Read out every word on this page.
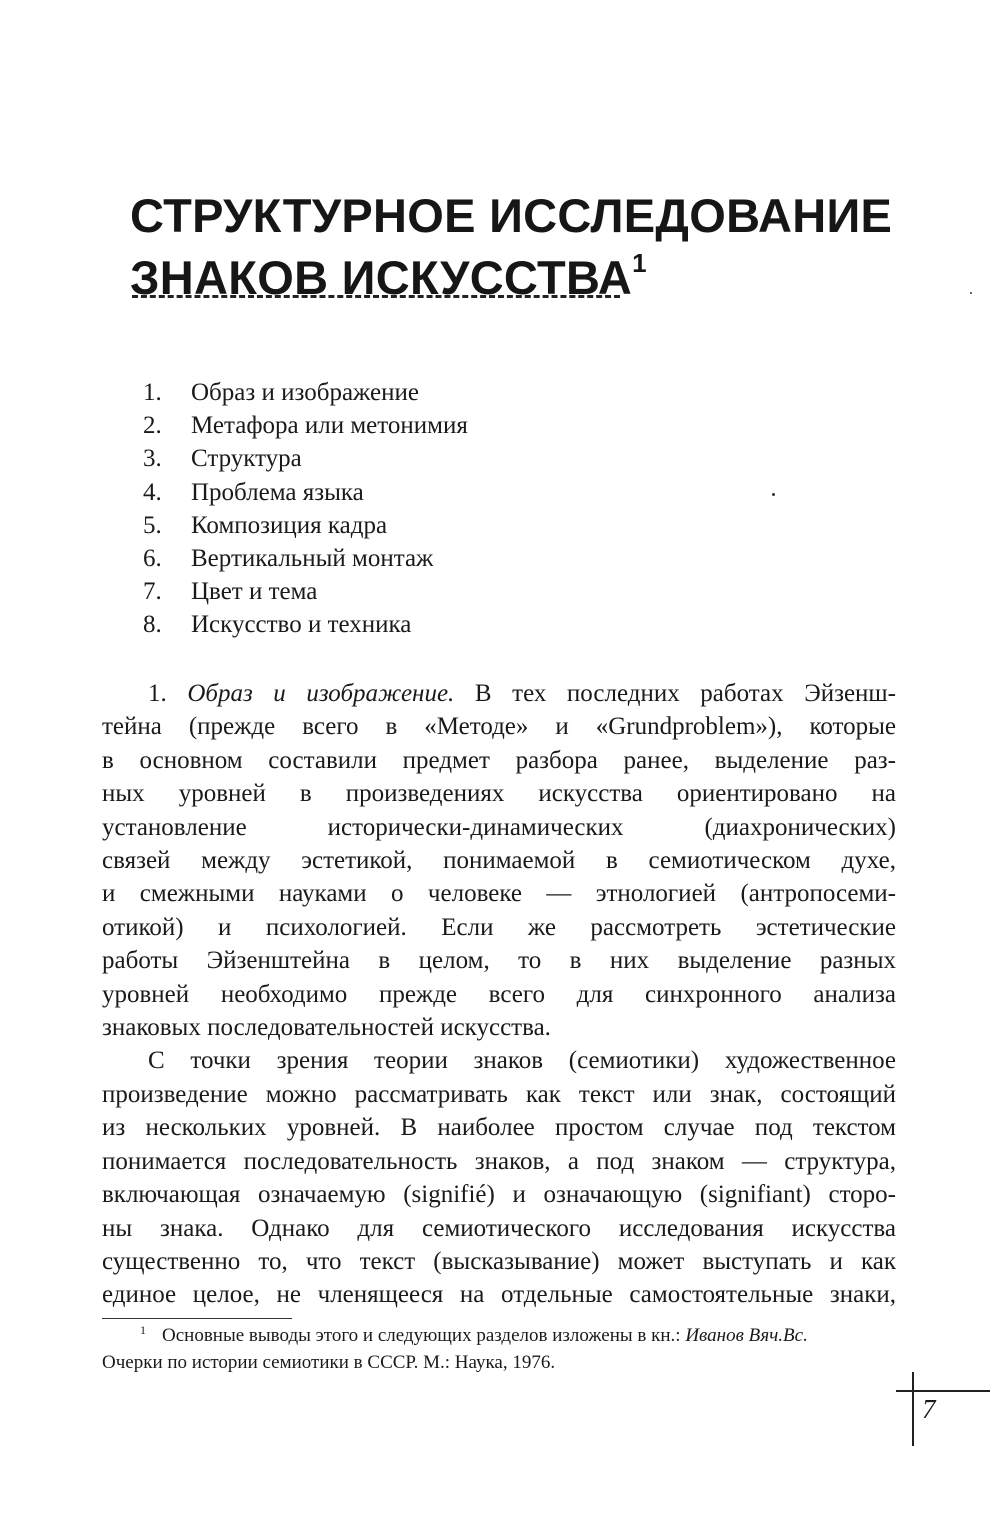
СТРУКТУРНОЕ ИССЛЕДОВАНИЕ
ЗНАКОВ ИСКУССТВА$^1$
1. Образ и изображение
2. Метафора или метонимия
3. Структура
4. Проблема языка
5. Композиция кадра
6. Вертикальный монтаж
7. Цвет и тема
8. Искусство и техника

1. Образ и изображение. В тех последних работах Эйзенш-
тейна (прежде всего в «Методе» и «Grundproblem»), которые
в основном составили предмет разбора ранее, выделение раз-
ных уровней в произведениях искусства ориентировано на
установление исторически-динамических (диахронических)
связей между эстетикой, понимаемой в семиотическом духе,
и смежными науками о человеке — этнологией (антропосеми-
отикой) и психологией. Если же рассмотреть эстетические
работы Эйзенштейна в целом, то в них выделение разных
уровней необходимо прежде всего для синхронного анализа
знаковых последовательностей искусства.

С точки зрения теории знаков (семиотики) художественное
произведение можно рассматривать как текст или знак, состоящий
из нескольких уровней. В наиболее простом случае под текстом
понимается последовательность знаков, а под знаком — структура,
включающая означаемую (signifié) и означающую (signifiant) сторо-
ны знака. Однако для семиотического исследования искусства
существенно то, что текст (высказывание) может выступать и как
единое целое, не членящееся на отдельные самостоятельные знаки,

$^1$ Основные выводы этого и следующих разделов изложены в кн.: Иванов Вяч.Вс.
Очерки по истории семиотики в СССР. М.: Наука, 1976.
7
